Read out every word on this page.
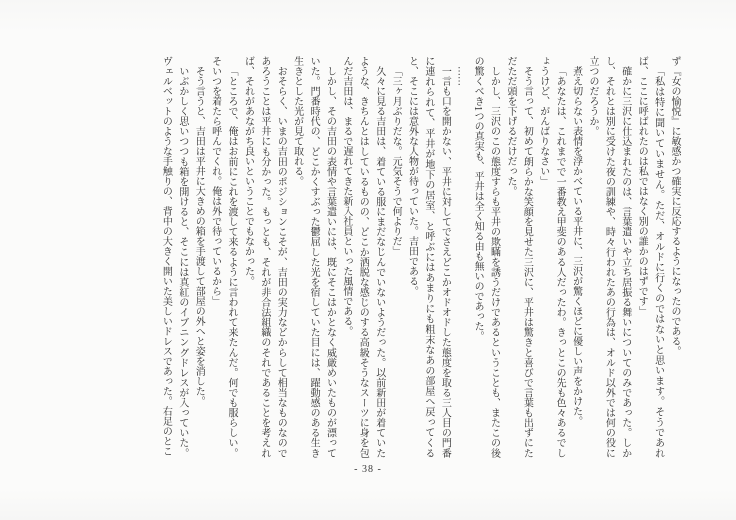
ず『女の愉悦』に敏感かつ確実に反応するようになったのである。

「私は特に聞いていません。ただ、オルドに行くのではないと思います。そうであれば、ここに呼ばれたのは私ではなく別の誰かのはずです」

確かに三沢に仕込まれたのは、言葉遣いや立ち居振る舞いについてのみであった。しかし、それとは別に受けた夜の訓練や、時々行われたあの行為は、オルド以外では何の役に立つのだろうか。

煮え切らない表情を浮かべている平井に、三沢が驚くほどに優しい声をかけた。

「あなたは、これまでで一番教え甲斐のある人だったわ。きっとこの先も色々あるでしょうけど、がんばりなさい」

そう言って、初めて朗らかな笑顔を見せた三沢に、平井は驚きと喜びで言葉も出ずにただただ頭を下げるだけだった。

しかし、三沢のこの態度すらも平井の欺瞞を誘うだけであるということも、またこの後の驚くべき1つの真実も、平井は全く知る由も無いのであった。

……

一言も口を開かない、平井に対してでさえどこかオドオドした態度を取る三人目の門番に連れられて、平井が地下の居室、と呼ぶにはあまりにも粗末なあの部屋へ戻ってくると、そこには意外な人物が待っていた。吉田である。

「三ヶ月ぶりだな。元気そうで何よりだ」

久々に見る吉田は、着ている服にまだなじんでいないようだった。以前新田が着ていたような、きちんとはしているものの、どこか洒脱な感じのする高級そうなスーツに身を包んだ吉田は、まるで遅れてきた新入社員といった風情である。

しかし、その吉田の表情や言葉遣いには、既にそこはかとなく威厳めいたものが漂っていた。門番時代の、どこかくすぶった鬱屈した光を宿していた目には、躍動感のある生き生きとした光が見て取れる。

おそらく、いまの吉田のポジションこそが、吉田の実力などからして相当なものなのであろうことは平井にも分かった。もっとも、それが非合法組織のそれであることを考えれば、それがあながち良いということでもなかった。

「ところで、俺はお前にこれを渡して来るように言われて来たんだ。何でも服らしい。そいつを着たら呼んでくれ。俺は外で待っているから」

そう言うと、吉田は平井に大きめの箱を手渡して部屋の外へと姿を消した。

いぶかしく思いつつも箱を開けると、そこには真紅のイブニングドレスが入っていた。ヴェルベットのような手触りの、背中の大きく開いた美しいドレスであった。右足のとこ

- 38 -
